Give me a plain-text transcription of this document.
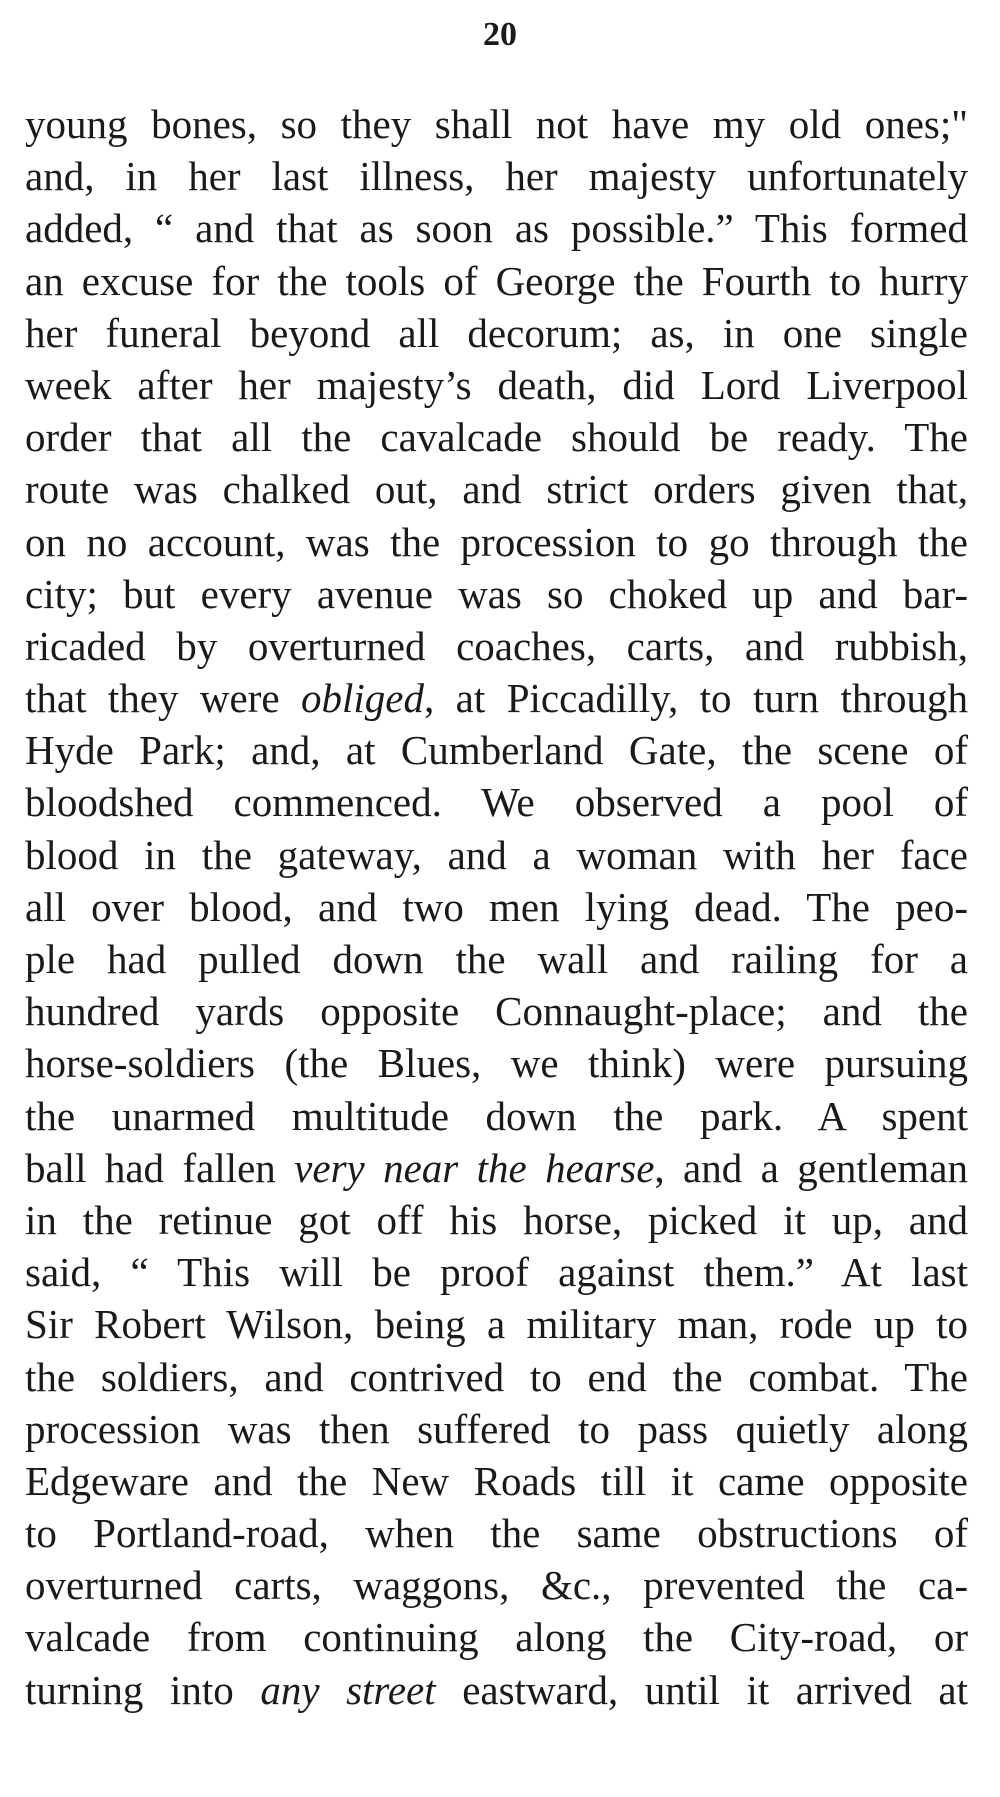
20
young bones, so they shall not have my old ones;"
and, in her last illness, her majesty unfortunately
added, “ and that as soon as possible.” This formed
an excuse for the tools of George the Fourth to hurry
her funeral beyond all decorum; as, in one single
week after her majesty’s death, did Lord Liverpool
order that all the cavalcade should be ready. The
route was chalked out, and strict orders given that,
on no account, was the procession to go through the
city; but every avenue was so choked up and bar-
ricaded by overturned coaches, carts, and rubbish,
that they were obliged, at Piccadilly, to turn through
Hyde Park; and, at Cumberland Gate, the scene of
bloodshed commenced. We observed a pool of
blood in the gateway, and a woman with her face
all over blood, and two men lying dead. The peo-
ple had pulled down the wall and railing for a
hundred yards opposite Connaught-place; and the
horse-soldiers (the Blues, we think) were pursuing
the unarmed multitude down the park. A spent
ball had fallen very near the hearse, and a gentleman
in the retinue got off his horse, picked it up, and
said, “ This will be proof against them.” At last
Sir Robert Wilson, being a military man, rode up to
the soldiers, and contrived to end the combat. The
procession was then suffered to pass quietly along
Edgeware and the New Roads till it came opposite
to Portland-road, when the same obstructions of
overturned carts, waggons, &c., prevented the ca-
valcade from continuing along the City-road, or
turning into any street eastward, until it arrived at
